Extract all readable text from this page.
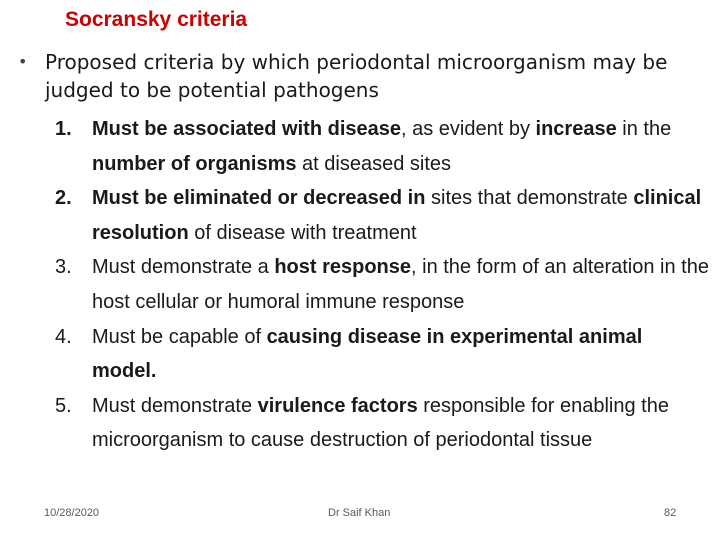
Socransky criteria
• Proposed criteria by which periodontal microorganism may be judged to be potential pathogens
1.	Must be associated with disease, as evident by increase in the number of organisms at diseased sites
2.	Must be eliminated or decreased in sites that demonstrate clinical resolution of disease with treatment
3.	Must demonstrate a host response, in the form of an alteration in the host cellular or humoral immune response
4.	Must be capable of causing disease in experimental animal model.
5.	Must demonstrate virulence factors responsible for enabling the microorganism to cause destruction of periodontal tissue
10/28/2020	Dr Saif Khan	82
